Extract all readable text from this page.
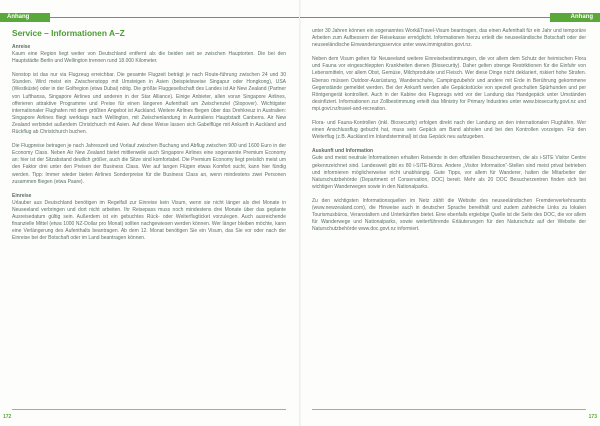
Anhang
Service – Informationen A–Z
Anreise
Kaum eine Region liegt weiter von Deutschland entfernt als die beiden seit se zwischen Hauptorten. Die bei den Hauptstädte Berlin und Wellington trennen rund 18.000 Kilometer.
Nonstop ist das nur via Flugzeug erreichbar. Die gesamte Flugzeit beträgt je nach Route-führung zwischen 24 und 30 Stunden. Wird meist ein Zwischenstopp mit Umsteigen in Asien (beispielsweise Singapur oder Hongkong), USA (Westküste) oder in der Golfregion (etwa Dubai) nötig. Die größte Fluggesellschaft des Landes ist Air New Zealand (Partner von Lufthansa, Singapore Airlines und anderen in der Star Alliance). Einige Anbieter, allen voran Singapore Airlines, offerieren attraktive Programme und Preise für einen längeren Aufenthalt am Zwischenziel (Stopover). Wichtigster internationaler Flughafen mit dem größten Angebot ist Auckland. Weitere Airlines fliegen über das Drehkreuz in Australien: Singapore Airlines fliegt werktags nach Wellington, mit Zwischenlandung in Australiens Hauptstadt Canberra. Air New Zealand verbindet außerdem Christchurch mit Asien. Auf diese Weise lassen sich Gabelflüge mit Ankunft in Auckland und Rückflug ab Christchurch buchen.
Die Flugpreise betragen je nach Jahreszeit und Vorlauf zwischen Buchung und Abflug zwischen 900 und 1600 Euro in der Economy Class. Neben Air New Zealand bietet mittlerweile auch Singapore Airlines eine sogenannte Premium Economy an: hier ist der Sitzabstand deutlich größer, auch die Sitze sind komfortabel. Die Premium Economy liegt preislich meist um den Faktor drei unter den Preisen der Business Class. Wer auf langen Flügen etwas Komfort sucht, kann hier fündig werden. Tipp: Immer wieder bieten Airlines Sonderpreise für die Business Class an, wenn mindestens zwei Personen zusammen fliegen (etwa Paare).
Einreise
Urlauber aus Deutschland benötigen im Regelfall zur Einreise kein Visum, wenn sie nicht länger als drei Monate in Neuseeland verbringen und dort nicht arbeiten. Ihr Reisepass muss noch mindestens drei Monate über das geplante Ausreisedatum gültig sein. Außerdem ist ein gebuchtes Rück- oder Weiterflugticket vorzulegen. Auch ausreichende finanzielle Mittel (etwa 1000 NZ-Dollar pro Monat) sollten nachgewiesen werden können. Wer länger bleiben möchte, kann eine Verlängerung des Aufenthalts beantragen. Ab dem 12. Monat benötigen Sie ein Visum, das Sie vor oder nach der Einreise bei der Botschaft oder im Land beantragen können.
172
Anhang
unter 30 Jahren können ein sogenanntes Work&Travel-Visum beantragen, das einen Aufenthalt für ein Jahr und temporäre Arbeiten zum Aufbessern der Reisekasse ermöglicht. Informationen hierzu erteilt die neuseeländische Botschaft oder der neuseeländische Einwanderungsservice unter www.immigration.govt.nz.
Neben dem Visum gelten für Neuseeland weitere Einreisebestimmungen, die vor allem dem Schutz der heimischen Flora und Fauna vor eingeschleppten Krankheiten dienen (Biosecurity). Daher gelten strenge Restriktionen für die Einfuhr von Lebensmitteln, vor allem Obst, Gemüse, Milchprodukte und Fleisch. Wer diese Dinge nicht deklariert, riskiert hohe Strafen. Ebenso müssen Outdoor-Ausrüstung, Wanderschuhe, Campingzubehör und andere mit Erde in Berührung gekommene Gegenstände gemeldet werden. Bei der Ankunft werden alle Gepäckstücke von speziell geschulten Spürhunden und per Röntgengerät kontrolliert. Auch in der Kabine des Flugzeugs wird vor der Landung das Handgepäck unter Umständen desinfiziert. Informationen zur Zollbestimmung erteilt das Ministry for Primary Industries unter www.biosecurity.govt.nz und mpi.govt.nz/travel-and-recreation.
Flora- und Fauna-Kontrollen (inkl. Biosecurity) erfolgen direkt nach der Landung an den internationalen Flughäfen. Wer einen Anschlussflug gebucht hat, muss sein Gepäck am Band abholen und bei den Kontrollen vorzeigen. Für den Weiterflug (z.B. Auckland im Inlandsterminal) ist das Gepäck neu aufzugeben.
Auskunft und Information
Gute und meist neutrale Informationen erhalten Reisende in den offiziellen Besucherzentren, die als i-SITE Visitor Centre gekennzeichnet sind. Landesweit gibt es 80 i-SITE-Büros. Andere „Visitor Information“-Stellen sind meist privat betrieben und informieren möglicherweise nicht unabhängig. Gute Tipps, vor allem für Wanderer, halten die Mitarbeiter der Naturschutzbehörde (Department of Conservation, DOC) bereit. Mehr als 20 DOC Besucherzentren finden sich bei wichtigen Wanderwegen sowie in den Nationalparks.
Zu den wichtigsten Informationsquellen im Netz zählt die Website des neuseeländischen Fremdenverkehrsamts (www.newzealand.com), die Hinweise auch in deutscher Sprache bereithält und zudem zahlreiche Links zu lokalen Tourismusbüros, Veranstaltern und Unterkünften bietet. Eine ebenfalls ergiebige Quelle ist die Seite des DOC, die vor allem für Wanderwege und Nationalparks, sowie weiterführende Erläuterungen für den Naturschutz auf der Website der Naturschutzbehörde www.doc.govt.nz informiert.
173
